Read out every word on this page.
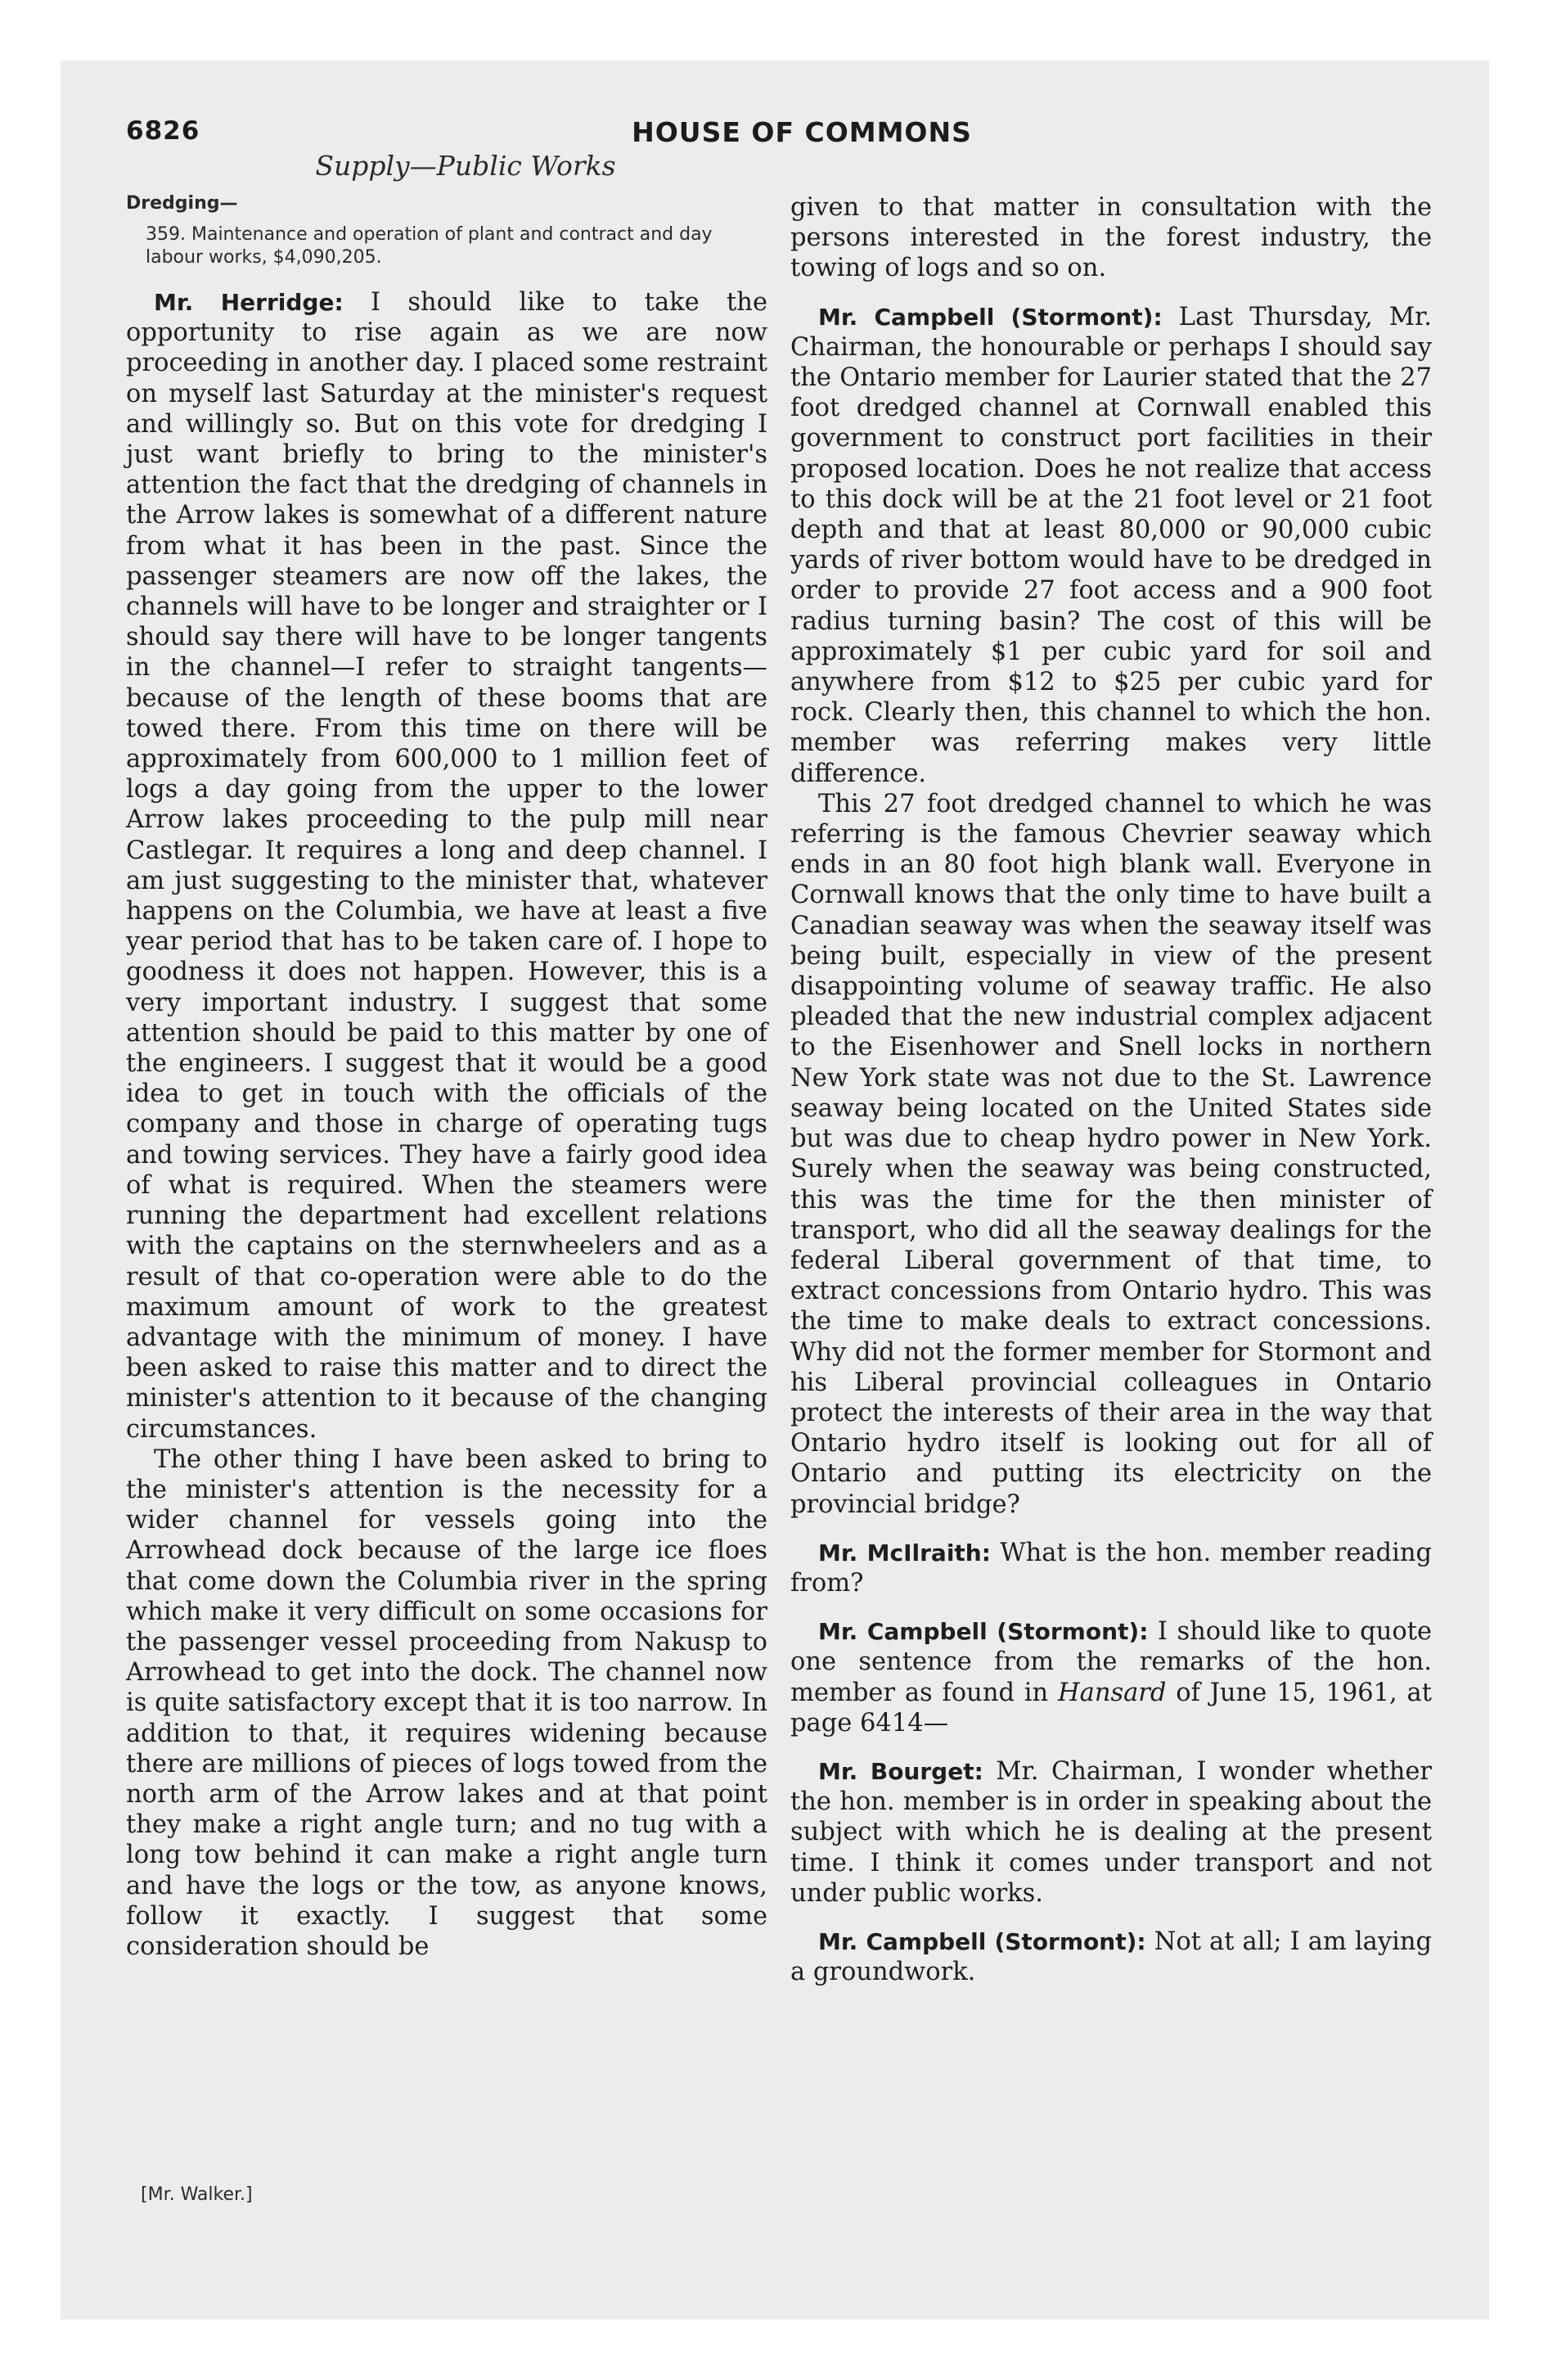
6826	HOUSE OF COMMONS
Supply—Public Works
Dredging—
359. Maintenance and operation of plant and contract and day labour works, $4,090,205.

Mr. Herridge: I should like to take the opportunity to rise again as we are now proceeding in another day. I placed some restraint on myself last Saturday at the minister's request and willingly so. But on this vote for dredging I just want briefly to bring to the minister's attention the fact that the dredging of channels in the Arrow lakes is somewhat of a different nature from what it has been in the past. Since the passenger steamers are now off the lakes, the channels will have to be longer and straighter or I should say there will have to be longer tangents in the channel—I refer to straight tangents—because of the length of these booms that are towed there. From this time on there will be approximately from 600,000 to 1 million feet of logs a day going from the upper to the lower Arrow lakes proceeding to the pulp mill near Castlegar. It requires a long and deep channel. I am just suggesting to the minister that, whatever happens on the Columbia, we have at least a five year period that has to be taken care of. I hope to goodness it does not happen. However, this is a very important industry. I suggest that some attention should be paid to this matter by one of the engineers. I suggest that it would be a good idea to get in touch with the officials of the company and those in charge of operating tugs and towing services. They have a fairly good idea of what is required. When the steamers were running the department had excellent relations with the captains on the sternwheelers and as a result of that co-operation were able to do the maximum amount of work to the greatest advantage with the minimum of money. I have been asked to raise this matter and to direct the minister's attention to it because of the changing circumstances.

The other thing I have been asked to bring to the minister's attention is the necessity for a wider channel for vessels going into the Arrowhead dock because of the large ice floes that come down the Columbia river in the spring which make it very difficult on some occasions for the passenger vessel proceeding from Nakusp to Arrowhead to get into the dock. The channel now is quite satisfactory except that it is too narrow. In addition to that, it requires widening because there are millions of pieces of logs towed from the north arm of the Arrow lakes and at that point they make a right angle turn; and no tug with a long tow behind it can make a right angle turn and have the logs or the tow, as anyone knows, follow it exactly. I suggest that some consideration should be

[Mr. Walker.]

given to that matter in consultation with the persons interested in the forest industry, the towing of logs and so on.

Mr. Campbell (Stormont): Last Thursday, Mr. Chairman, the honourable or perhaps I should say the Ontario member for Laurier stated that the 27 foot dredged channel at Cornwall enabled this government to construct port facilities in their proposed location. Does he not realize that access to this dock will be at the 21 foot level or 21 foot depth and that at least 80,000 or 90,000 cubic yards of river bottom would have to be dredged in order to provide 27 foot access and a 900 foot radius turning basin? The cost of this will be approximately $1 per cubic yard for soil and anywhere from $12 to $25 per cubic yard for rock. Clearly then, this channel to which the hon. member was referring makes very little difference.

This 27 foot dredged channel to which he was referring is the famous Chevrier seaway which ends in an 80 foot high blank wall. Everyone in Cornwall knows that the only time to have built a Canadian seaway was when the seaway itself was being built, especially in view of the present disappointing volume of seaway traffic. He also pleaded that the new industrial complex adjacent to the Eisenhower and Snell locks in northern New York state was not due to the St. Lawrence seaway being located on the United States side but was due to cheap hydro power in New York. Surely when the seaway was being constructed, this was the time for the then minister of transport, who did all the seaway dealings for the federal Liberal government of that time, to extract concessions from Ontario hydro. This was the time to make deals to extract concessions. Why did not the former member for Stormont and his Liberal provincial colleagues in Ontario protect the interests of their area in the way that Ontario hydro itself is looking out for all of Ontario and putting its electricity on the provincial bridge?

Mr. McIlraith: What is the hon. member reading from?

Mr. Campbell (Stormont): I should like to quote one sentence from the remarks of the hon. member as found in Hansard of June 15, 1961, at page 6414—

Mr. Bourget: Mr. Chairman, I wonder whether the hon. member is in order in speaking about the subject with which he is dealing at the present time. I think it comes under transport and not under public works.

Mr. Campbell (Stormont): Not at all; I am laying a groundwork.
